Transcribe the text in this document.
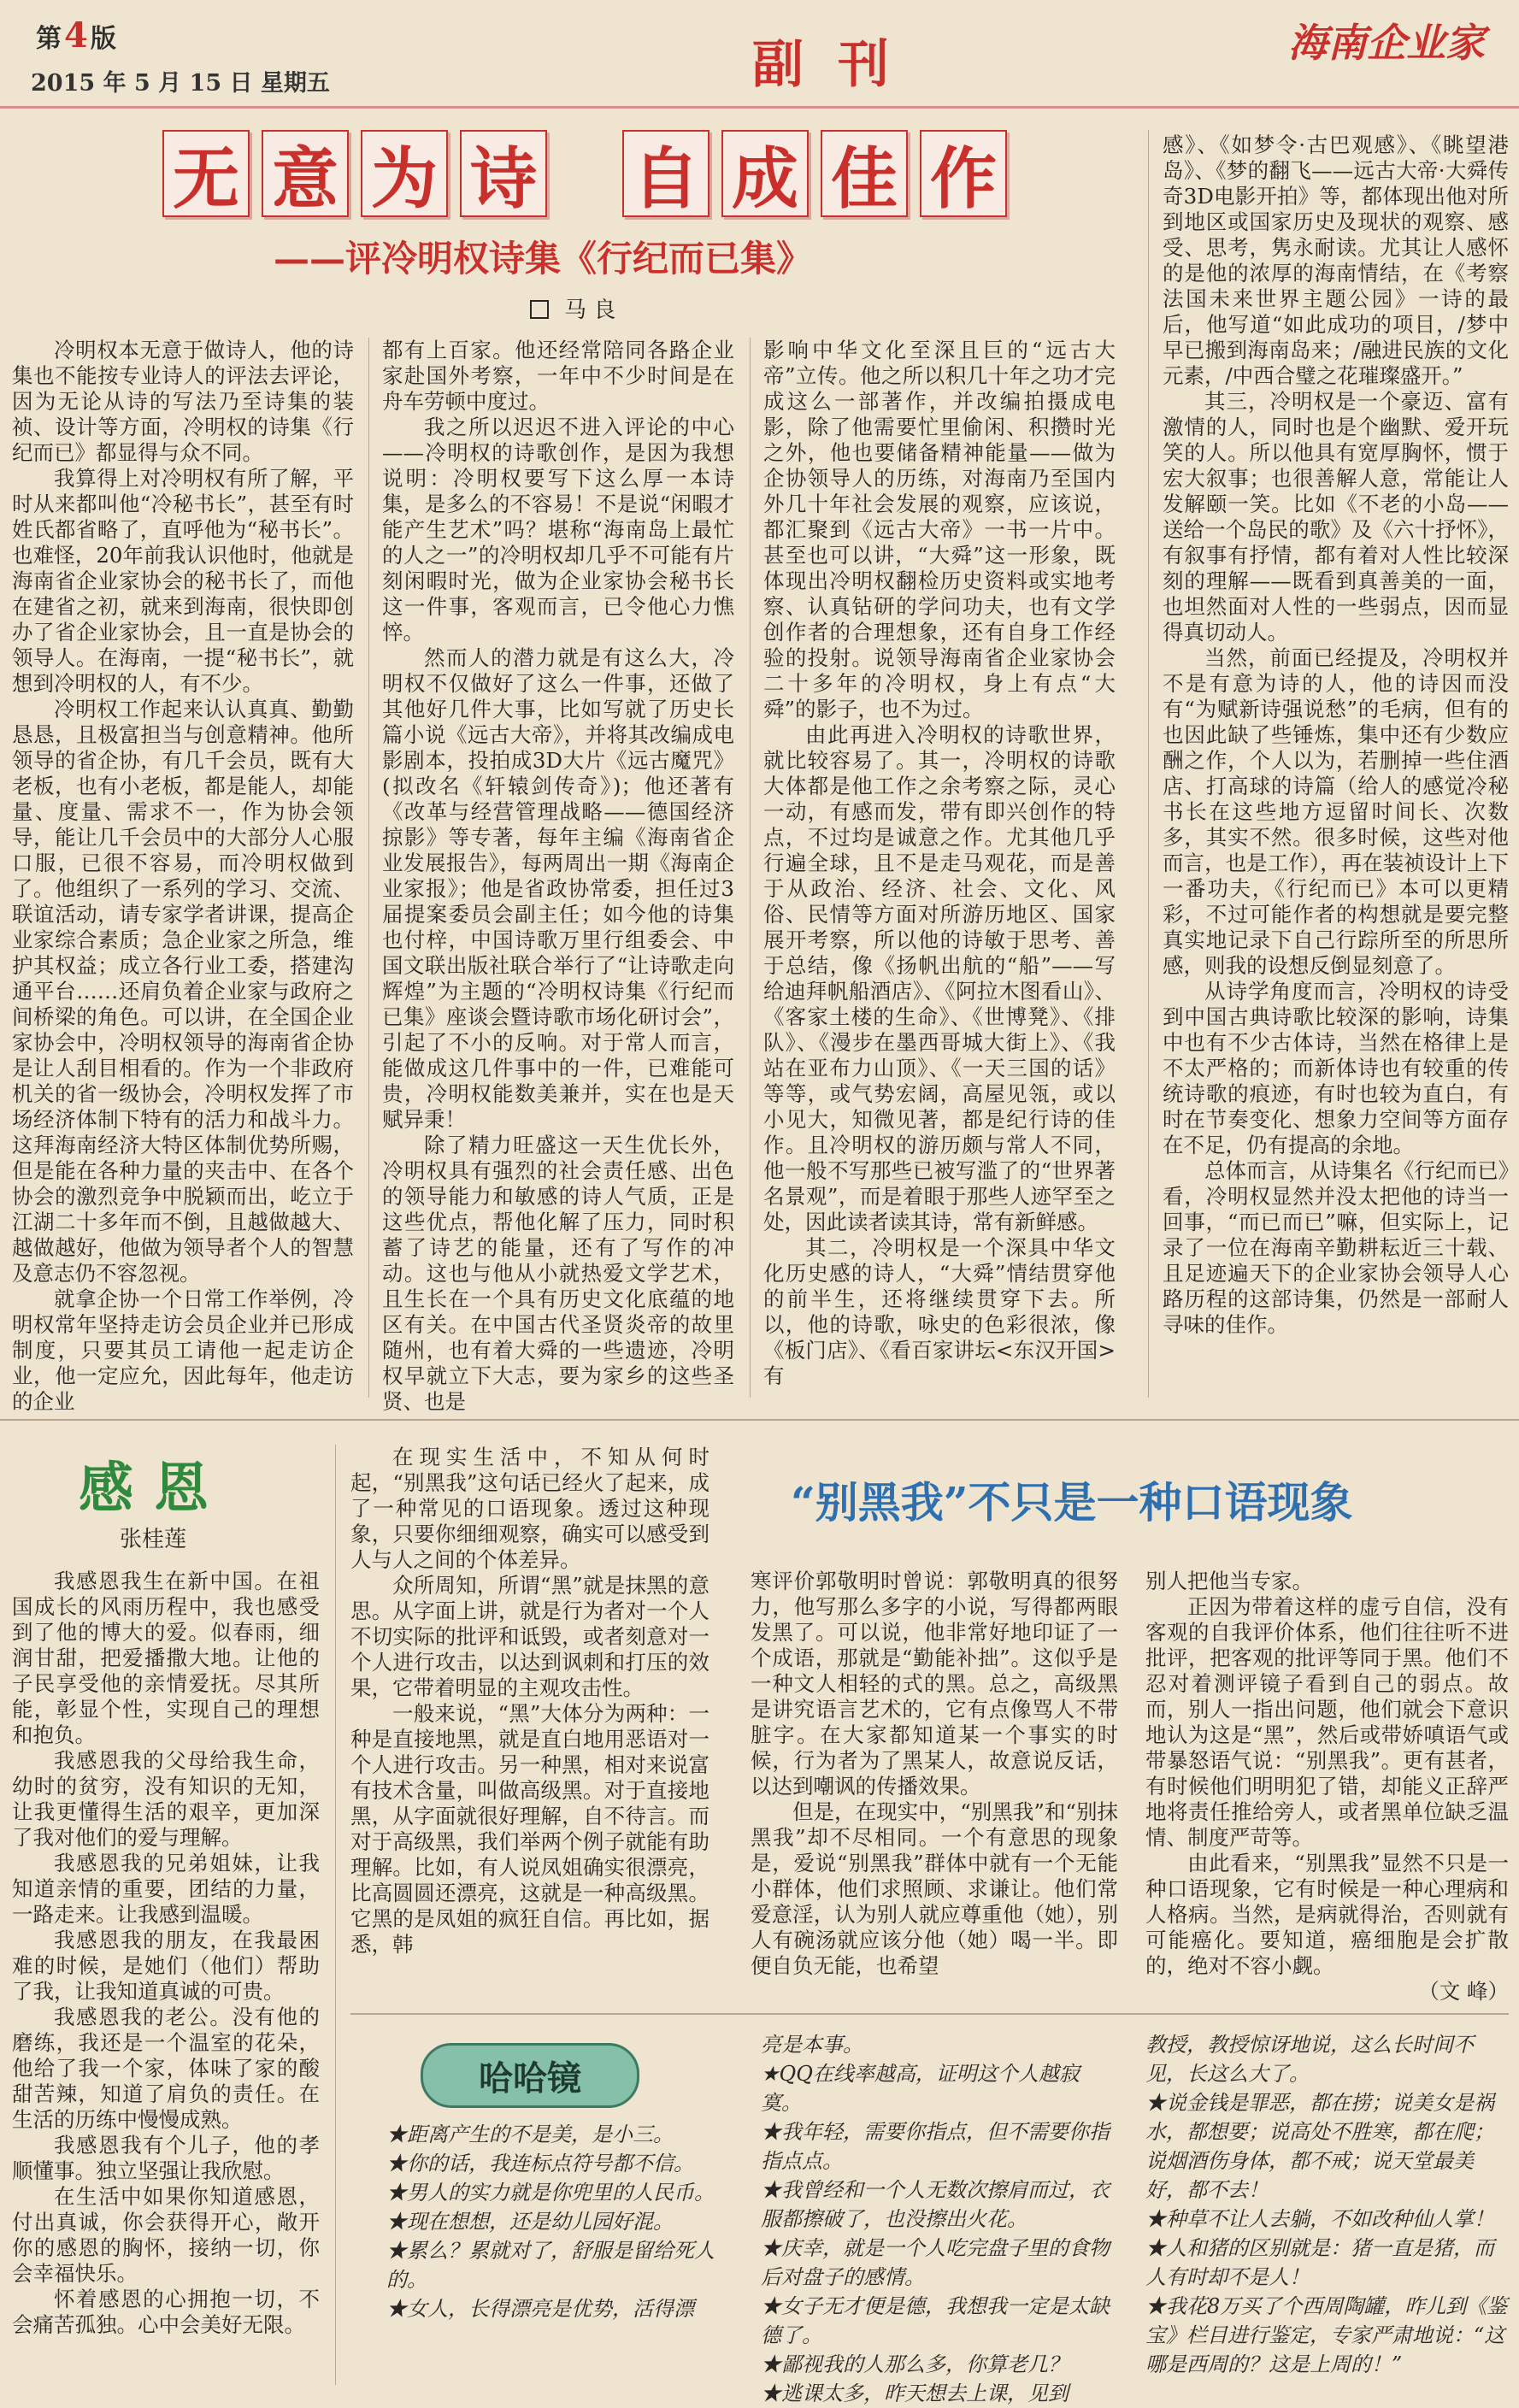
第4 版
2015 年 5 月 15 日 星期五	副刊	海南企业家
无 意 为 诗 自 成 佳 作
——评冷明权诗集《行纪而已集》
马 良

冷明权本无意于做诗人，他的诗集也不能按专业诗人的评法去评论，因为无论从诗的写法乃至诗集的装祯、设计等方面，冷明权的诗集《行纪而已》都显得与众不同。

我算得上对冷明权有所了解，平时从来都叫他“冷秘书长”，甚至有时姓氏都省略了，直呼他为“秘书长”。也难怪，20年前我认识他时，他就是海南省企业家协会的秘书长了，而他在建省之初，就来到海南，很快即创办了省企业家协会，且一直是协会的领导人。在海南，一提“秘书长”，就想到冷明权的人，有不少。

冷明权工作起来认认真真、勤勤恳恳，且极富担当与创意精神。他所领导的省企协，有几千会员，既有大老板，也有小老板，都是能人，却能量、度量、需求不一，作为协会领导，能让几千会员中的大部分人心服口服，已很不容易，而冷明权做到了。他组织了一系列的学习、交流、联谊活动，请专家学者讲课，提高企业家综合素质；急企业家之所急，维护其权益；成立各行业工委，搭建沟通平台……还肩负着企业家与政府之间桥梁的角色。可以讲，在全国企业家协会中，冷明权领导的海南省企协是让人刮目相看的。作为一个非政府机关的省一级协会，冷明权发挥了市场经济体制下特有的活力和战斗力。这拜海南经济大特区体制优势所赐，但是能在各种力量的夹击中、在各个协会的激烈竞争中脱颖而出，屹立于江湖二十多年而不倒，且越做越大、越做越好，他做为领导者个人的智慧及意志仍不容忽视。

就拿企协一个日常工作举例，冷明权常年坚持走访会员企业并已形成制度，只要其员工请他一起走访企业，他一定应允，因此每年，他走访的企业

都有上百家。他还经常陪同各路企业家赴国外考察，一年中不少时间是在舟车劳顿中度过。

我之所以迟迟不进入评论的中心——冷明权的诗歌创作，是因为我想说明：冷明权要写下这么厚一本诗集，是多么的不容易！不是说“闲暇才能产生艺术”吗？堪称“海南岛上最忙的人之一”的冷明权却几乎不可能有片刻闲暇时光，做为企业家协会秘书长这一件事，客观而言，已令他心力憔悴。

然而人的潜力就是有这么大，冷明权不仅做好了这么一件事，还做了其他好几件大事，比如写就了历史长篇小说《远古大帝》，并将其改编成电影剧本，投拍成3D大片《远古魔咒》(拟改名《轩辕剑传奇》)；他还著有《改革与经营管理战略——德国经济掠影》等专著，每年主编《海南省企业发展报告》，每两周出一期《海南企业家报》；他是省政协常委，担任过3届提案委员会副主任；如今他的诗集也付梓，中国诗歌万里行组委会、中国文联出版社联合举行了“让诗歌走向辉煌”为主题的“冷明权诗集《行纪而已集》座谈会暨诗歌市场化研讨会”，引起了不小的反响。对于常人而言，能做成这几件事中的一件，已难能可贵，冷明权能数美兼并，实在也是天赋异秉！

除了精力旺盛这一天生优长外，冷明权具有强烈的社会责任感、出色的领导能力和敏感的诗人气质，正是这些优点，帮他化解了压力，同时积蓄了诗艺的能量，还有了写作的冲动。这也与他从小就热爱文学艺术，且生长在一个具有历史文化底蕴的地区有关。在中国古代圣贤炎帝的故里随州，也有着大舜的一些遗迹，冷明权早就立下大志，要为家乡的这些圣贤、也是

影响中华文化至深且巨的“远古大帝”立传。他之所以积几十年之功才完成这么一部著作，并改编拍摄成电影，除了他需要忙里偷闲、积攒时光之外，他也要储备精神能量——做为企协领导人的历练，对海南乃至国内外几十年社会发展的观察，应该说，都汇聚到《远古大帝》一书一片中。甚至也可以讲，“大舜”这一形象，既体现出冷明权翻检历史资料或实地考察、认真钻研的学问功夫，也有文学创作者的合理想象，还有自身工作经验的投射。说领导海南省企业家协会二十多年的冷明权，身上有点“大舜”的影子，也不为过。

由此再进入冷明权的诗歌世界，就比较容易了。其一，冷明权的诗歌大体都是他工作之余考察之际，灵心一动，有感而发，带有即兴创作的特点，不过均是诚意之作。尤其他几乎行遍全球，且不是走马观花，而是善于从政治、经济、社会、文化、风俗、民情等方面对所游历地区、国家展开考察，所以他的诗敏于思考、善于总结，像《扬帆出航的“船”——写给迪拜帆船酒店》、《阿拉木图看山》、《客家土楼的生命》、《世博凳》、《排队》、《漫步在墨西哥城大街上》、《我站在亚布力山顶》、《一天三国的话》等等，或气势宏阔，高屋见瓴，或以小见大，知微见著，都是纪行诗的佳作。且冷明权的游历颇与常人不同，他一般不写那些已被写滥了的“世界著名景观”，而是着眼于那些人迹罕至之处，因此读者读其诗，常有新鲜感。

其二，冷明权是一个深具中华文化历史感的诗人，“大舜”情结贯穿他的前半生，还将继续贯穿下去。所以，他的诗歌，咏史的色彩很浓，像《板门店》、《看百家讲坛<东汉开国>有

感》、《如梦令·古巴观感》、《眺望港岛》、《梦的翻飞——远古大帝·大舜传奇3D电影开拍》等，都体现出他对所到地区或国家历史及现状的观察、感受、思考，隽永耐读。尤其让人感怀的是他的浓厚的海南情结，在《考察法国未来世界主题公园》一诗的最后，他写道“如此成功的项目，/梦中早已搬到海南岛来；/融进民族的文化元素，/中西合璧之花璀璨盛开。”

其三，冷明权是一个豪迈、富有激情的人，同时也是个幽默、爱开玩笑的人。所以他具有宽厚胸怀，惯于宏大叙事；也很善解人意，常能让人发解颐一笑。比如《不老的小岛——送给一个岛民的歌》及《六十抒怀》，有叙事有抒情，都有着对人性比较深刻的理解——既看到真善美的一面，也坦然面对人性的一些弱点，因而显得真切动人。

当然，前面已经提及，冷明权并不是有意为诗的人，他的诗因而没有“为赋新诗强说愁”的毛病，但有的也因此缺了些锤炼，集中还有少数应酬之作，个人以为，若删掉一些住酒店、打高球的诗篇（给人的感觉冷秘书长在这些地方逗留时间长、次数多，其实不然。很多时候，这些对他而言，也是工作），再在装祯设计上下一番功夫，《行纪而已》本可以更精彩，不过可能作者的构想就是要完整真实地记录下自己行踪所至的所思所感，则我的设想反倒显刻意了。

从诗学角度而言，冷明权的诗受到中国古典诗歌比较深的影响，诗集中也有不少古体诗，当然在格律上是不太严格的；而新体诗也有较重的传统诗歌的痕迹，有时也较为直白，有时在节奏变化、想象力空间等方面存在不足，仍有提高的余地。

总体而言，从诗集名《行纪而已》看，冷明权显然并没太把他的诗当一回事，“而已而已”嘛，但实际上，记录了一位在海南辛勤耕耘近三十载、且足迹遍天下的企业家协会领导人心路历程的这部诗集，仍然是一部耐人寻味的佳作。

感恩
张桂莲

我感恩我生在新中国。在祖国成长的风雨历程中，我也感受到了他的博大的爱。似春雨，细润甘甜，把爱播撒大地。让他的子民享受他的亲情爱抚。尽其所能，彰显个性，实现自己的理想和抱负。

我感恩我的父母给我生命，幼时的贫穷，没有知识的无知，让我更懂得生活的艰辛，更加深了我对他们的爱与理解。

我感恩我的兄弟姐妹，让我知道亲情的重要，团结的力量，一路走来。让我感到温暖。

我感恩我的朋友，在我最困难的时候，是她们（他们）帮助了我，让我知道真诚的可贵。

我感恩我的老公。没有他的磨练，我还是一个温室的花朵，他给了我一个家，体味了家的酸甜苦辣，知道了肩负的责任。在生活的历练中慢慢成熟。

我感恩我有个儿子，他的孝顺懂事。独立坚强让我欣慰。

在生活中如果你知道感恩，付出真诚，你会获得开心，敞开你的感恩的胸怀，接纳一切，你会幸福快乐。

怀着感恩的心拥抱一切，不会痛苦孤独。心中会美好无限。

“别黑我”不只是一种口语现象

在现实生活中，不知从何时起，“别黑我”这句话已经火了起来，成了一种常见的口语现象。透过这种现象，只要你细细观察，确实可以感受到人与人之间的个体差异。

众所周知，所谓“黑”就是抹黑的意思。从字面上讲，就是行为者对一个人不切实际的批评和诋毁，或者刻意对一个人进行攻击，以达到讽刺和打压的效果，它带着明显的主观攻击性。

一般来说，“黑”大体分为两种：一种是直接地黑，就是直白地用恶语对一个人进行攻击。另一种黑，相对来说富有技术含量，叫做高级黑。对于直接地黑，从字面就很好理解，自不待言。而对于高级黑，我们举两个例子就能有助理解。比如，有人说凤姐确实很漂亮，比高圆圆还漂亮，这就是一种高级黑。它黑的是凤姐的疯狂自信。再比如，据悉，韩

寒评价郭敬明时曾说：郭敬明真的很努力，他写那么多字的小说，写得都两眼发黑了。可以说，他非常好地印证了一个成语，那就是“勤能补拙”。这似乎是一种文人相轻的式的黑。总之，高级黑是讲究语言艺术的，它有点像骂人不带脏字。在大家都知道某一个事实的时候，行为者为了黑某人，故意说反话，以达到嘲讽的传播效果。

但是，在现实中，“别黑我”和“别抹黑我”却不尽相同。一个有意思的现象是，爱说“别黑我”群体中就有一个无能小群体，他们求照顾、求谦让。他们常爱意淫，认为别人就应尊重他（她），别人有碗汤就应该分他（她）喝一半。即便自负无能，也希望

别人把他当专家。

正因为带着这样的虚亏自信，没有客观的自我评价体系，他们往往听不进批评，把客观的批评等同于黑。他们不忍对着测评镜子看到自己的弱点。故而，别人一指出问题，他们就会下意识地认为这是“黑”，然后或带娇嗔语气或带暴怒语气说：“别黑我”。更有甚者，有时候他们明明犯了错，却能义正辞严地将责任推给旁人，或者黑单位缺乏温情、制度严苛等。

由此看来，“别黑我”显然不只是一种口语现象，它有时候是一种心理病和人格病。当然，是病就得治，否则就有可能癌化。要知道，癌细胞是会扩散的，绝对不容小觑。

（文 峰）
哈哈镜
★距离产生的不是美，是小三。
★你的话，我连标点符号都不信。
★男人的实力就是你兜里的人民币。
★现在想想，还是幼儿园好混。
★累么？累就对了，舒服是留给死人的。
★女人，长得漂亮是优势，活得漂
亮是本事。
★QQ在线率越高，证明这个人越寂寞。
★我年轻，需要你指点，但不需要你指指点点。
★我曾经和一个人无数次擦肩而过，衣服都擦破了，也没擦出火花。
★庆幸，就是一个人吃完盘子里的食物后对盘子的感情。
★女子无才便是德，我想我一定是太缺德了。
★鄙视我的人那么多，你算老几？
★逃课太多，昨天想去上课，见到
教授，教授惊讶地说，这么长时间不见，长这么大了。
★说金钱是罪恶，都在捞；说美女是祸水，都想要；说高处不胜寒，都在爬；说烟酒伤身体，都不戒；说天堂最美好，都不去！
★种草不让人去躺，不如改种仙人掌！
★人和猪的区别就是：猪一直是猪，而人有时却不是人！
★我花8万买了个西周陶罐，昨儿到《鉴宝》栏目进行鉴定，专家严肃地说：“这哪是西周的？这是上周的！”
